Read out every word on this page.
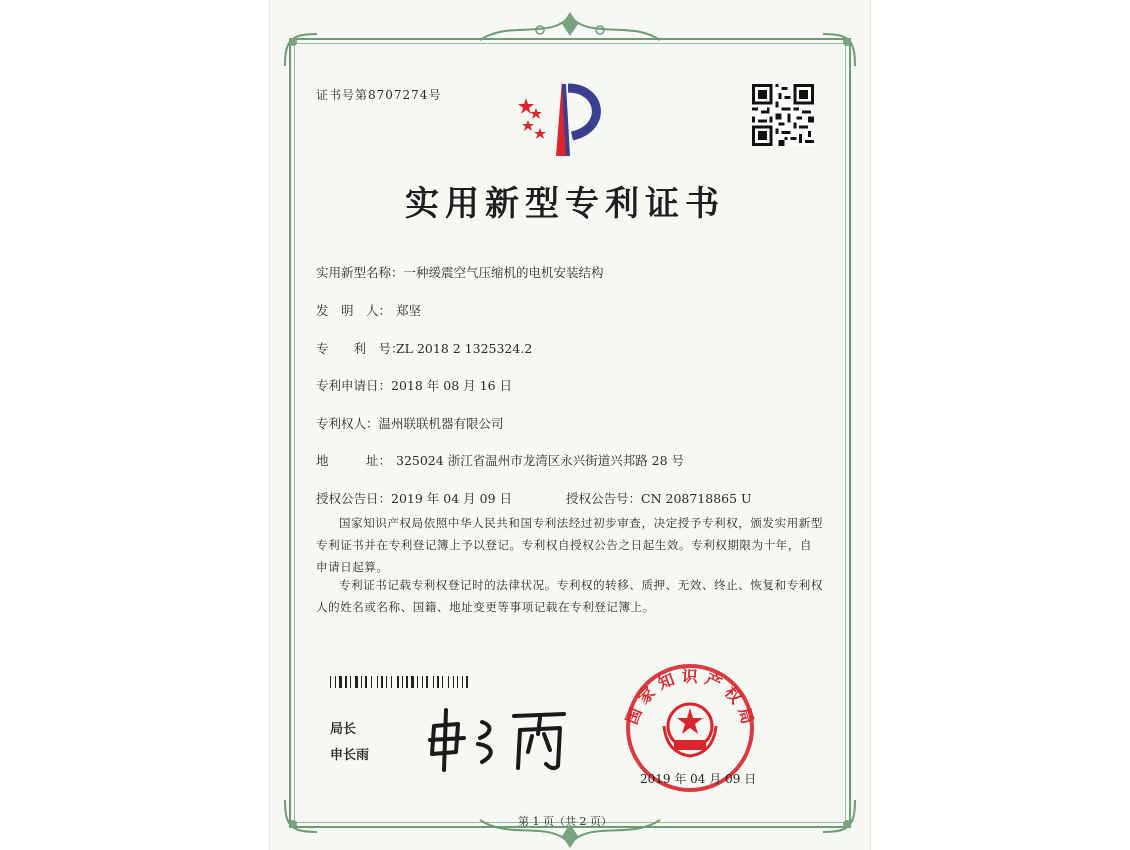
证书号第8707274号
实用新型专利证书
实用新型名称：一种缓震空气压缩机的电机安装结构
发　明　人： 郑坚
专　　利　号：ZL 2018 2 1325324.2
专利申请日：2018 年 08 月 16 日
专利权人：温州联联机器有限公司
地　　　址： 325024 浙江省温州市龙湾区永兴街道兴邦路 28 号
授权公告日：2019 年 04 月 09 日	授权公告号：CN 208718865 U
国家知识产权局依照中华人民共和国专利法经过初步审查，决定授予专利权，颁发实用新型专利证书并在专利登记簿上予以登记。专利权自授权公告之日起生效。专利权期限为十年，自申请日起算。
专利证书记载专利权登记时的法律状况。专利权的转移、质押、无效、终止、恢复和专利权人的姓名或名称、国籍、地址变更等事项记载在专利登记簿上。
局长
申长雨
国家知识产权局
2019 年 04 月 09 日
第 1 页（共 2 页）
